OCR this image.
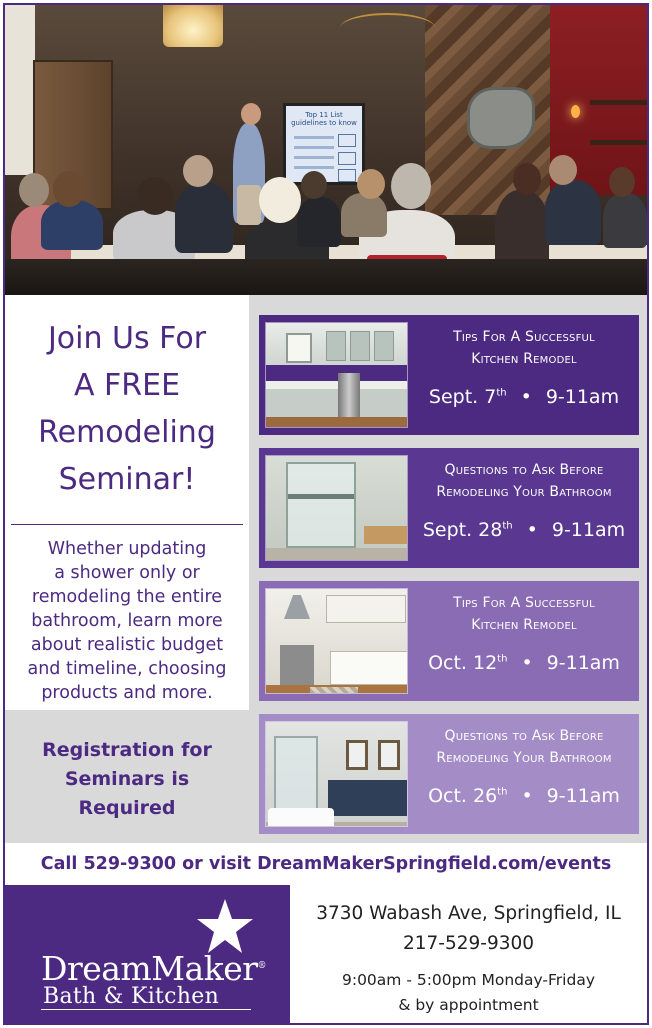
Top 11 List
guidelines to know
Join Us For
A FREE
Remodeling
Seminar!
Whether updating
a shower only or
remodeling the entire
bathroom, learn more
about realistic budget
and timeline, choosing
products and more.
Registration for
Seminars is
Required
Tips For A Successful
Kitchen Remodel
Sept. 7th • 9-11am
Questions to Ask Before
Remodeling Your Bathroom
Sept. 28th • 9-11am
Tips For A Successful
Kitchen Remodel
Oct. 12th • 9-11am
Questions to Ask Before
Remodeling Your Bathroom
Oct. 26th • 9-11am
Call 529-9300 or visit DreamMakerSpringfield.com/events
DreamMaker®
Bath & Kitchen
3730 Wabash Ave, Springfield, IL
217-529-9300
9:00am - 5:00pm Monday-Friday
& by appointment
